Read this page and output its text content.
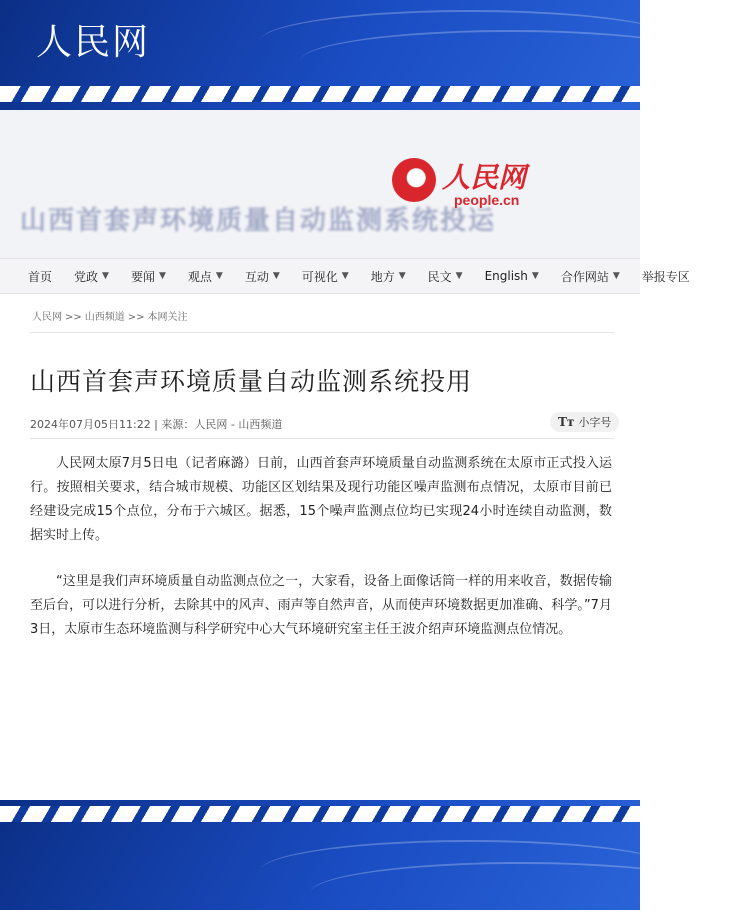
人民网
山西首套声环境质量自动监测系统投运
人民网
people.cn
首页 党政 ▼ 要闻 ▼ 观点 ▼ 互动 ▼ 可视化 ▼ 地方 ▼ 民文 ▼ English ▼ 合作网站 ▼ 举报专区
人民网 >> 山西频道 >> 本网关注
山西首套声环境质量自动监测系统投用
2024年07月05日11:22 | 来源：人民网 - 山西频道	Tт 小字号

人民网太原7月5日电（记者麻潞）日前，山西首套声环境质量自动监测系统在太原市正式投入运行。按照相关要求，结合城市规模、功能区区划结果及现行功能区噪声监测布点情况，太原市目前已经建设完成15个点位，分布于六城区。据悉，15个噪声监测点位均已实现24小时连续自动监测，数据实时上传。

“这里是我们声环境质量自动监测点位之一，大家看，设备上面像话筒一样的用来收音，数据传输至后台，可以进行分析，去除其中的风声、雨声等自然声音，从而使声环境数据更加准确、科学。”7月3日，太原市生态环境监测与科学研究中心大气环境研究室主任王波介绍声环境监测点位情况。
